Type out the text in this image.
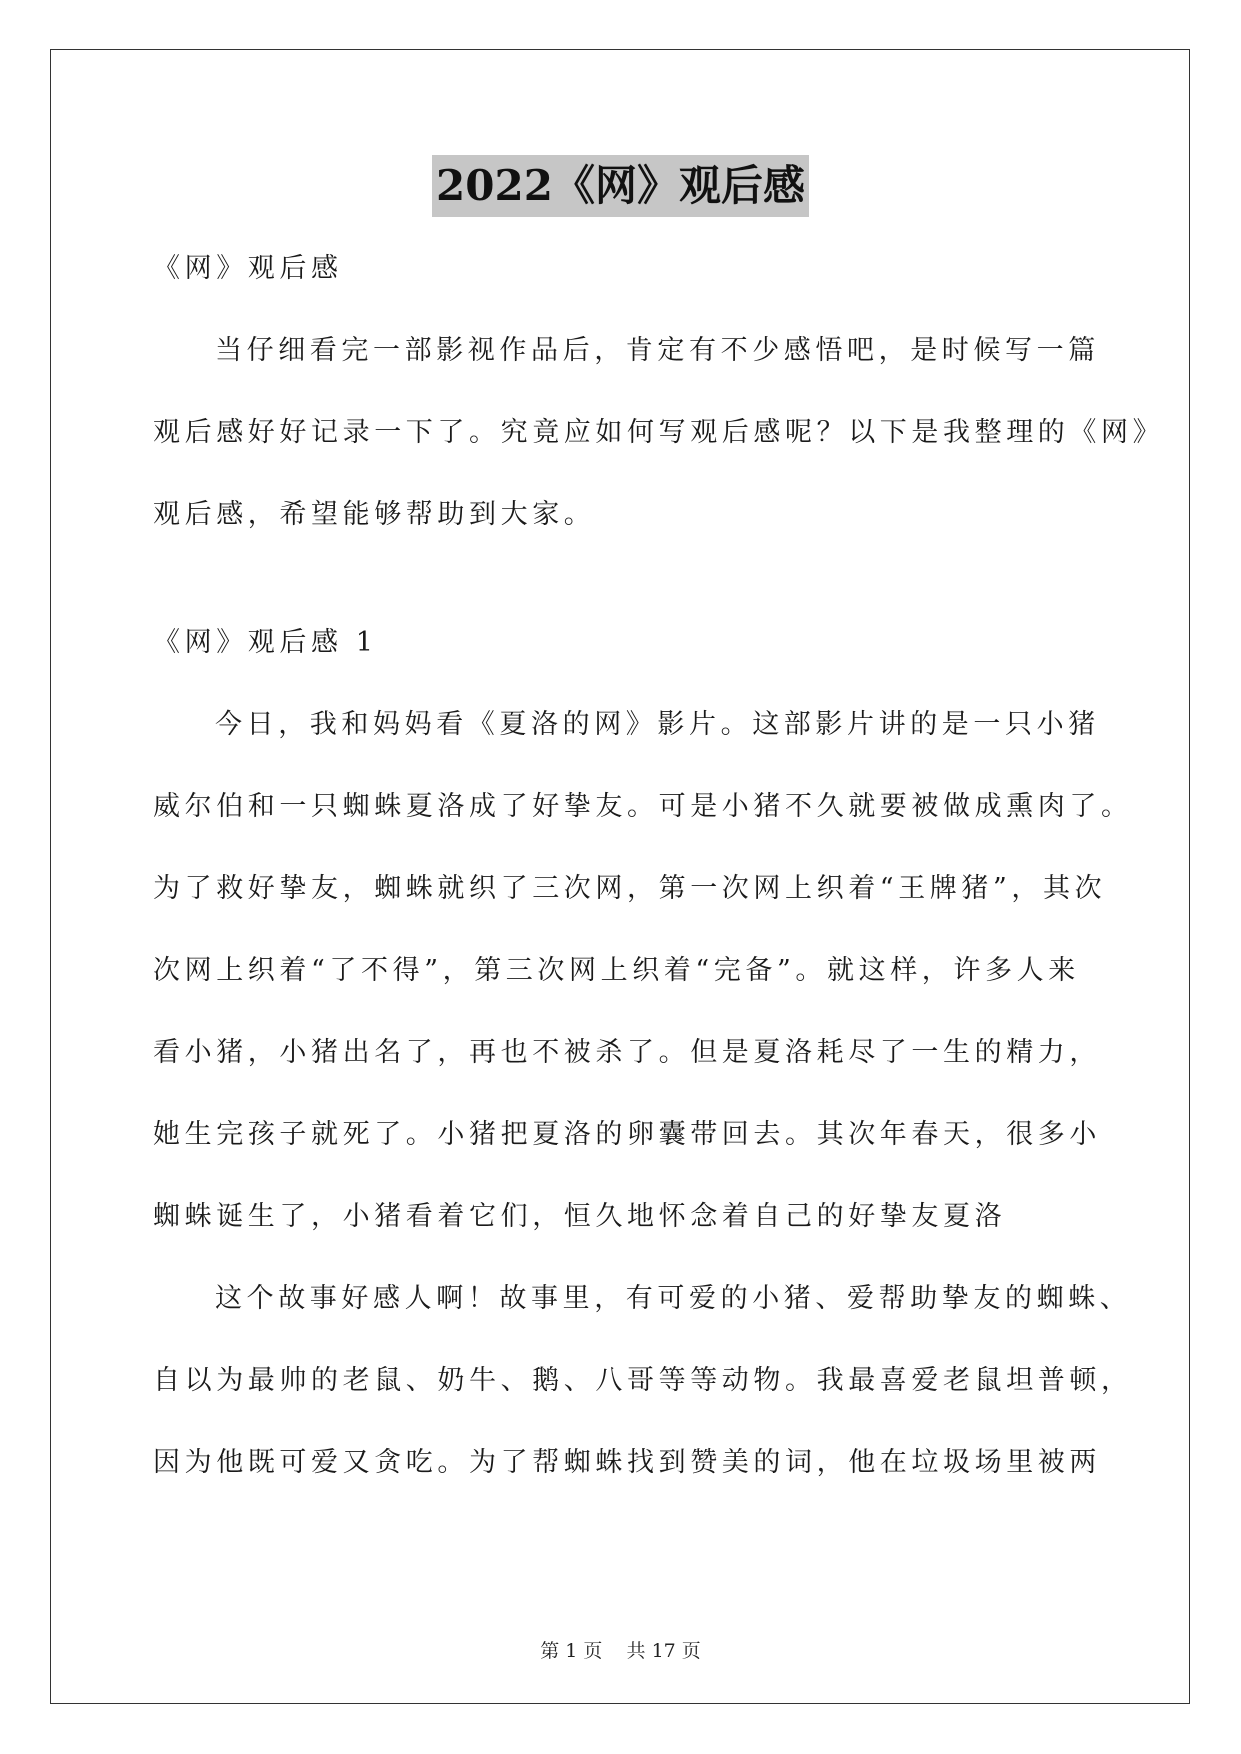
2022《网》观后感

《网》观后感

当仔细看完一部影视作品后，肯定有不少感悟吧，是时候写一篇

观后感好好记录一下了。究竟应如何写观后感呢？以下是我整理的《网》

观后感，希望能够帮助到大家。

《网》观后感 1

今日，我和妈妈看《夏洛的网》影片。这部影片讲的是一只小猪

威尔伯和一只蜘蛛夏洛成了好挚友。可是小猪不久就要被做成熏肉了。

为了救好挚友，蜘蛛就织了三次网，第一次网上织着“王牌猪”，其次

次网上织着“了不得”，第三次网上织着“完备”。就这样，许多人来

看小猪，小猪出名了，再也不被杀了。但是夏洛耗尽了一生的精力，

她生完孩子就死了。小猪把夏洛的卵囊带回去。其次年春天，很多小

蜘蛛诞生了，小猪看着它们，恒久地怀念着自己的好挚友夏洛

这个故事好感人啊！故事里，有可爱的小猪、爱帮助挚友的蜘蛛、

自以为最帅的老鼠、奶牛、鹅、八哥等等动物。我最喜爱老鼠坦普顿，

因为他既可爱又贪吃。为了帮蜘蛛找到赞美的词，他在垃圾场里被两

第 1 页    共 17 页
